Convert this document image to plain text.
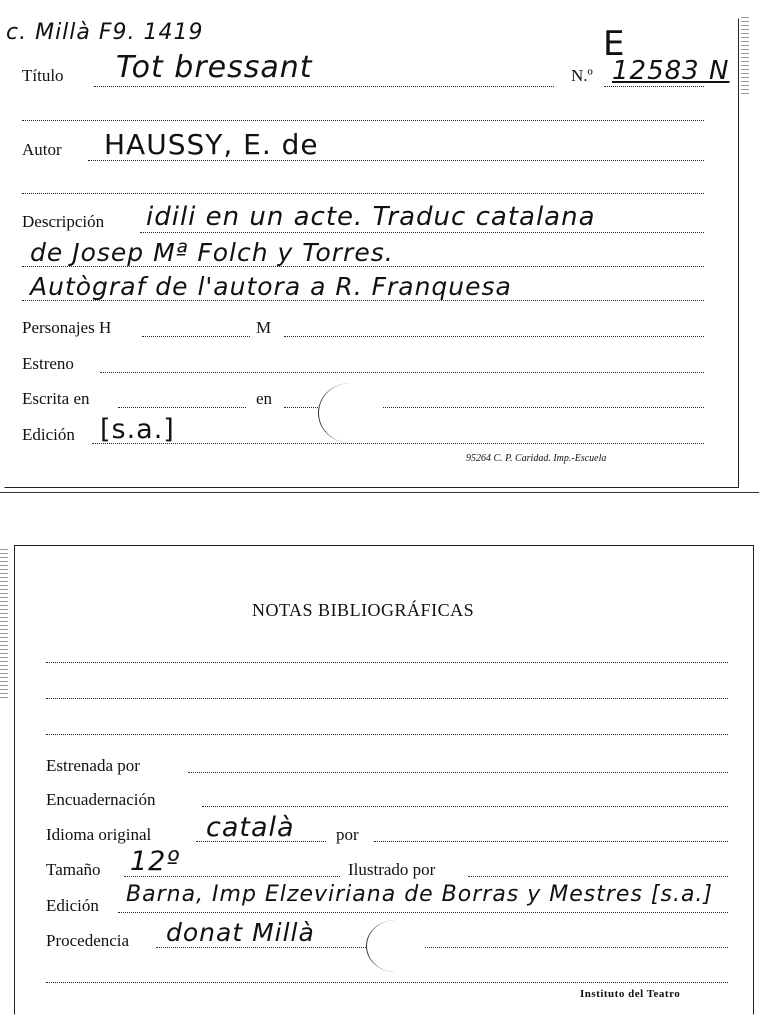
c. Millà F9. 1419	E
Título Tot bressant	N.º 12583 N
Autor HAUSSY, E. de
Descripción idili en un acte. Traduc catalana
de Josep Mª Folch y Torres.
Autògraf de l'autora a R. Franquesa
Personajes H	M
Estreno
Escrita en	en
Edición [s.a.]
95264 C. P. Caridad. Imp.-Escuela
NOTAS BIBLIOGRÁFICAS
Estrenada por
Encuadernación
Idioma original català por
Tamaño 12º	Ilustrado por
Edición Barna, Imp Elzeviriana de Borras y Mestres [s.a.]
Procedencia donat Millà
Instituto del Teatro
